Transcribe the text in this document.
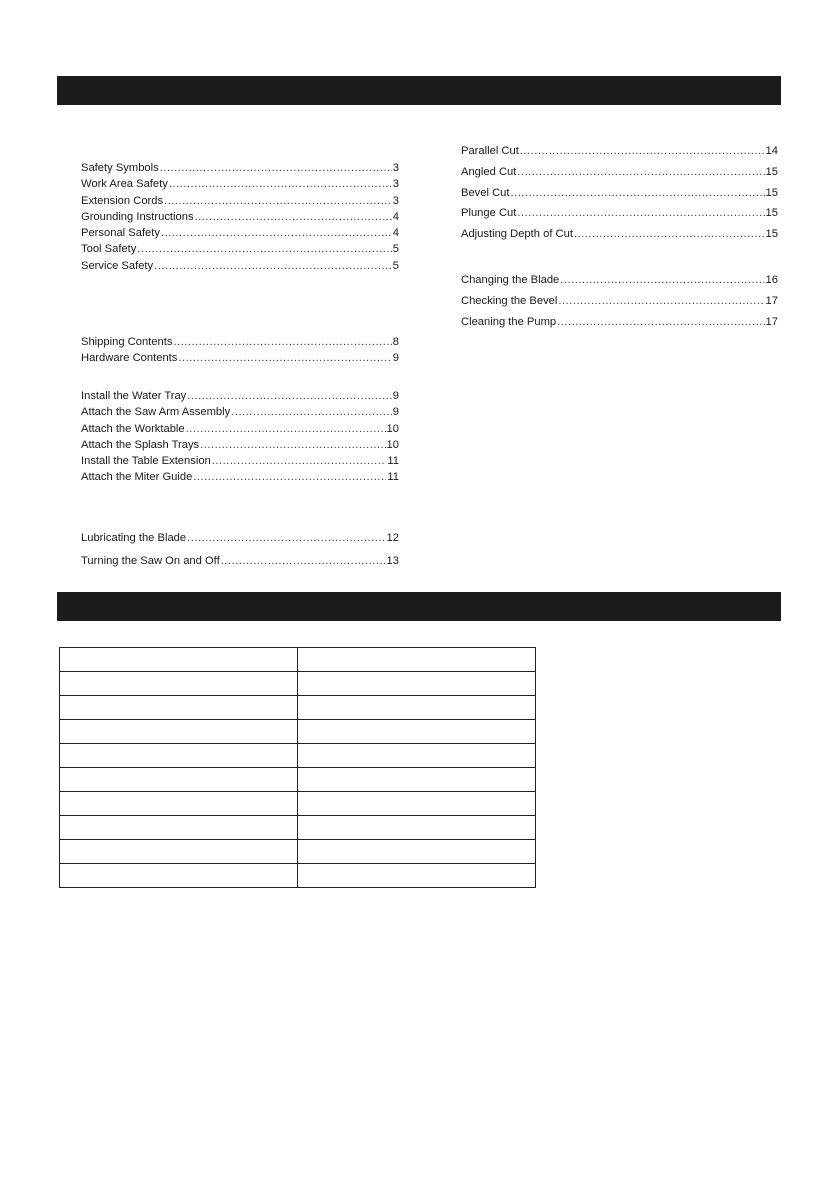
Safety Symbols .....	3
Work Area Safety .....	3
Extension Cords .....	3
Grounding Instructions .....	4
Personal Safety .....	4
Tool Safety .....	5
Service Safety .....	5
Shipping Contents .....	8
Hardware Contents .....	9
Install the Water Tray .....	9
Attach the Saw Arm Assembly .....	9
Attach the Worktable .....	10
Attach the Splash Trays .....	10
Install the Table Extension .....	11
Attach the Miter Guide .....	11
Lubricating the Blade .....	12
Turning the Saw On and Off .....	13
Parallel Cut .....	14
Angled Cut .....	15
Bevel Cut .....	15
Plunge Cut .....	15
Adjusting Depth of Cut .....	15
Changing the Blade .....	16
Checking the Bevel .....	17
Cleaning the Pump .....	17
